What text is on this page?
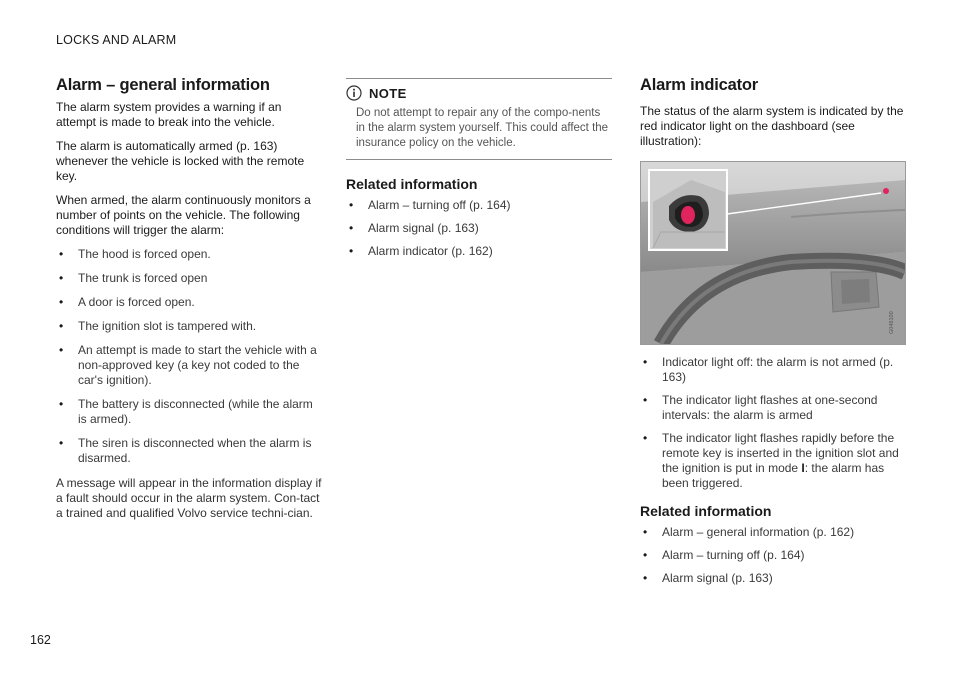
LOCKS AND ALARM
Alarm – general information

The alarm system provides a warning if an attempt is made to break into the vehicle.

The alarm is automatically armed (p. 163) whenever the vehicle is locked with the remote key.

When armed, the alarm continuously monitors a number of points on the vehicle. The following conditions will trigger the alarm:

• The hood is forced open.
• The trunk is forced open
• A door is forced open.
• The ignition slot is tampered with.
• An attempt is made to start the vehicle with a non-approved key (a key not coded to the car's ignition).
• The battery is disconnected (while the alarm is armed).
• The siren is disconnected when the alarm is disarmed.

A message will appear in the information display if a fault should occur in the alarm system. Con-tact a trained and qualified Volvo service techni-cian.

NOTE

Do not attempt to repair any of the compo-nents in the alarm system yourself. This could affect the insurance policy on the vehicle.

Related information
• Alarm – turning off (p. 164)
• Alarm signal (p. 163)
• Alarm indicator (p. 162)
Alarm indicator

The status of the alarm system is indicated by the red indicator light on the dashboard (see illustration):

G048100
• Indicator light off: the alarm is not armed (p. 163)
• The indicator light flashes at one-second intervals: the alarm is armed
• The indicator light flashes rapidly before the remote key is inserted in the ignition slot and the ignition is put in mode I: the alarm has been triggered.
Related information
• Alarm – general information (p. 162)
• Alarm – turning off (p. 164)
• Alarm signal (p. 163)
162
